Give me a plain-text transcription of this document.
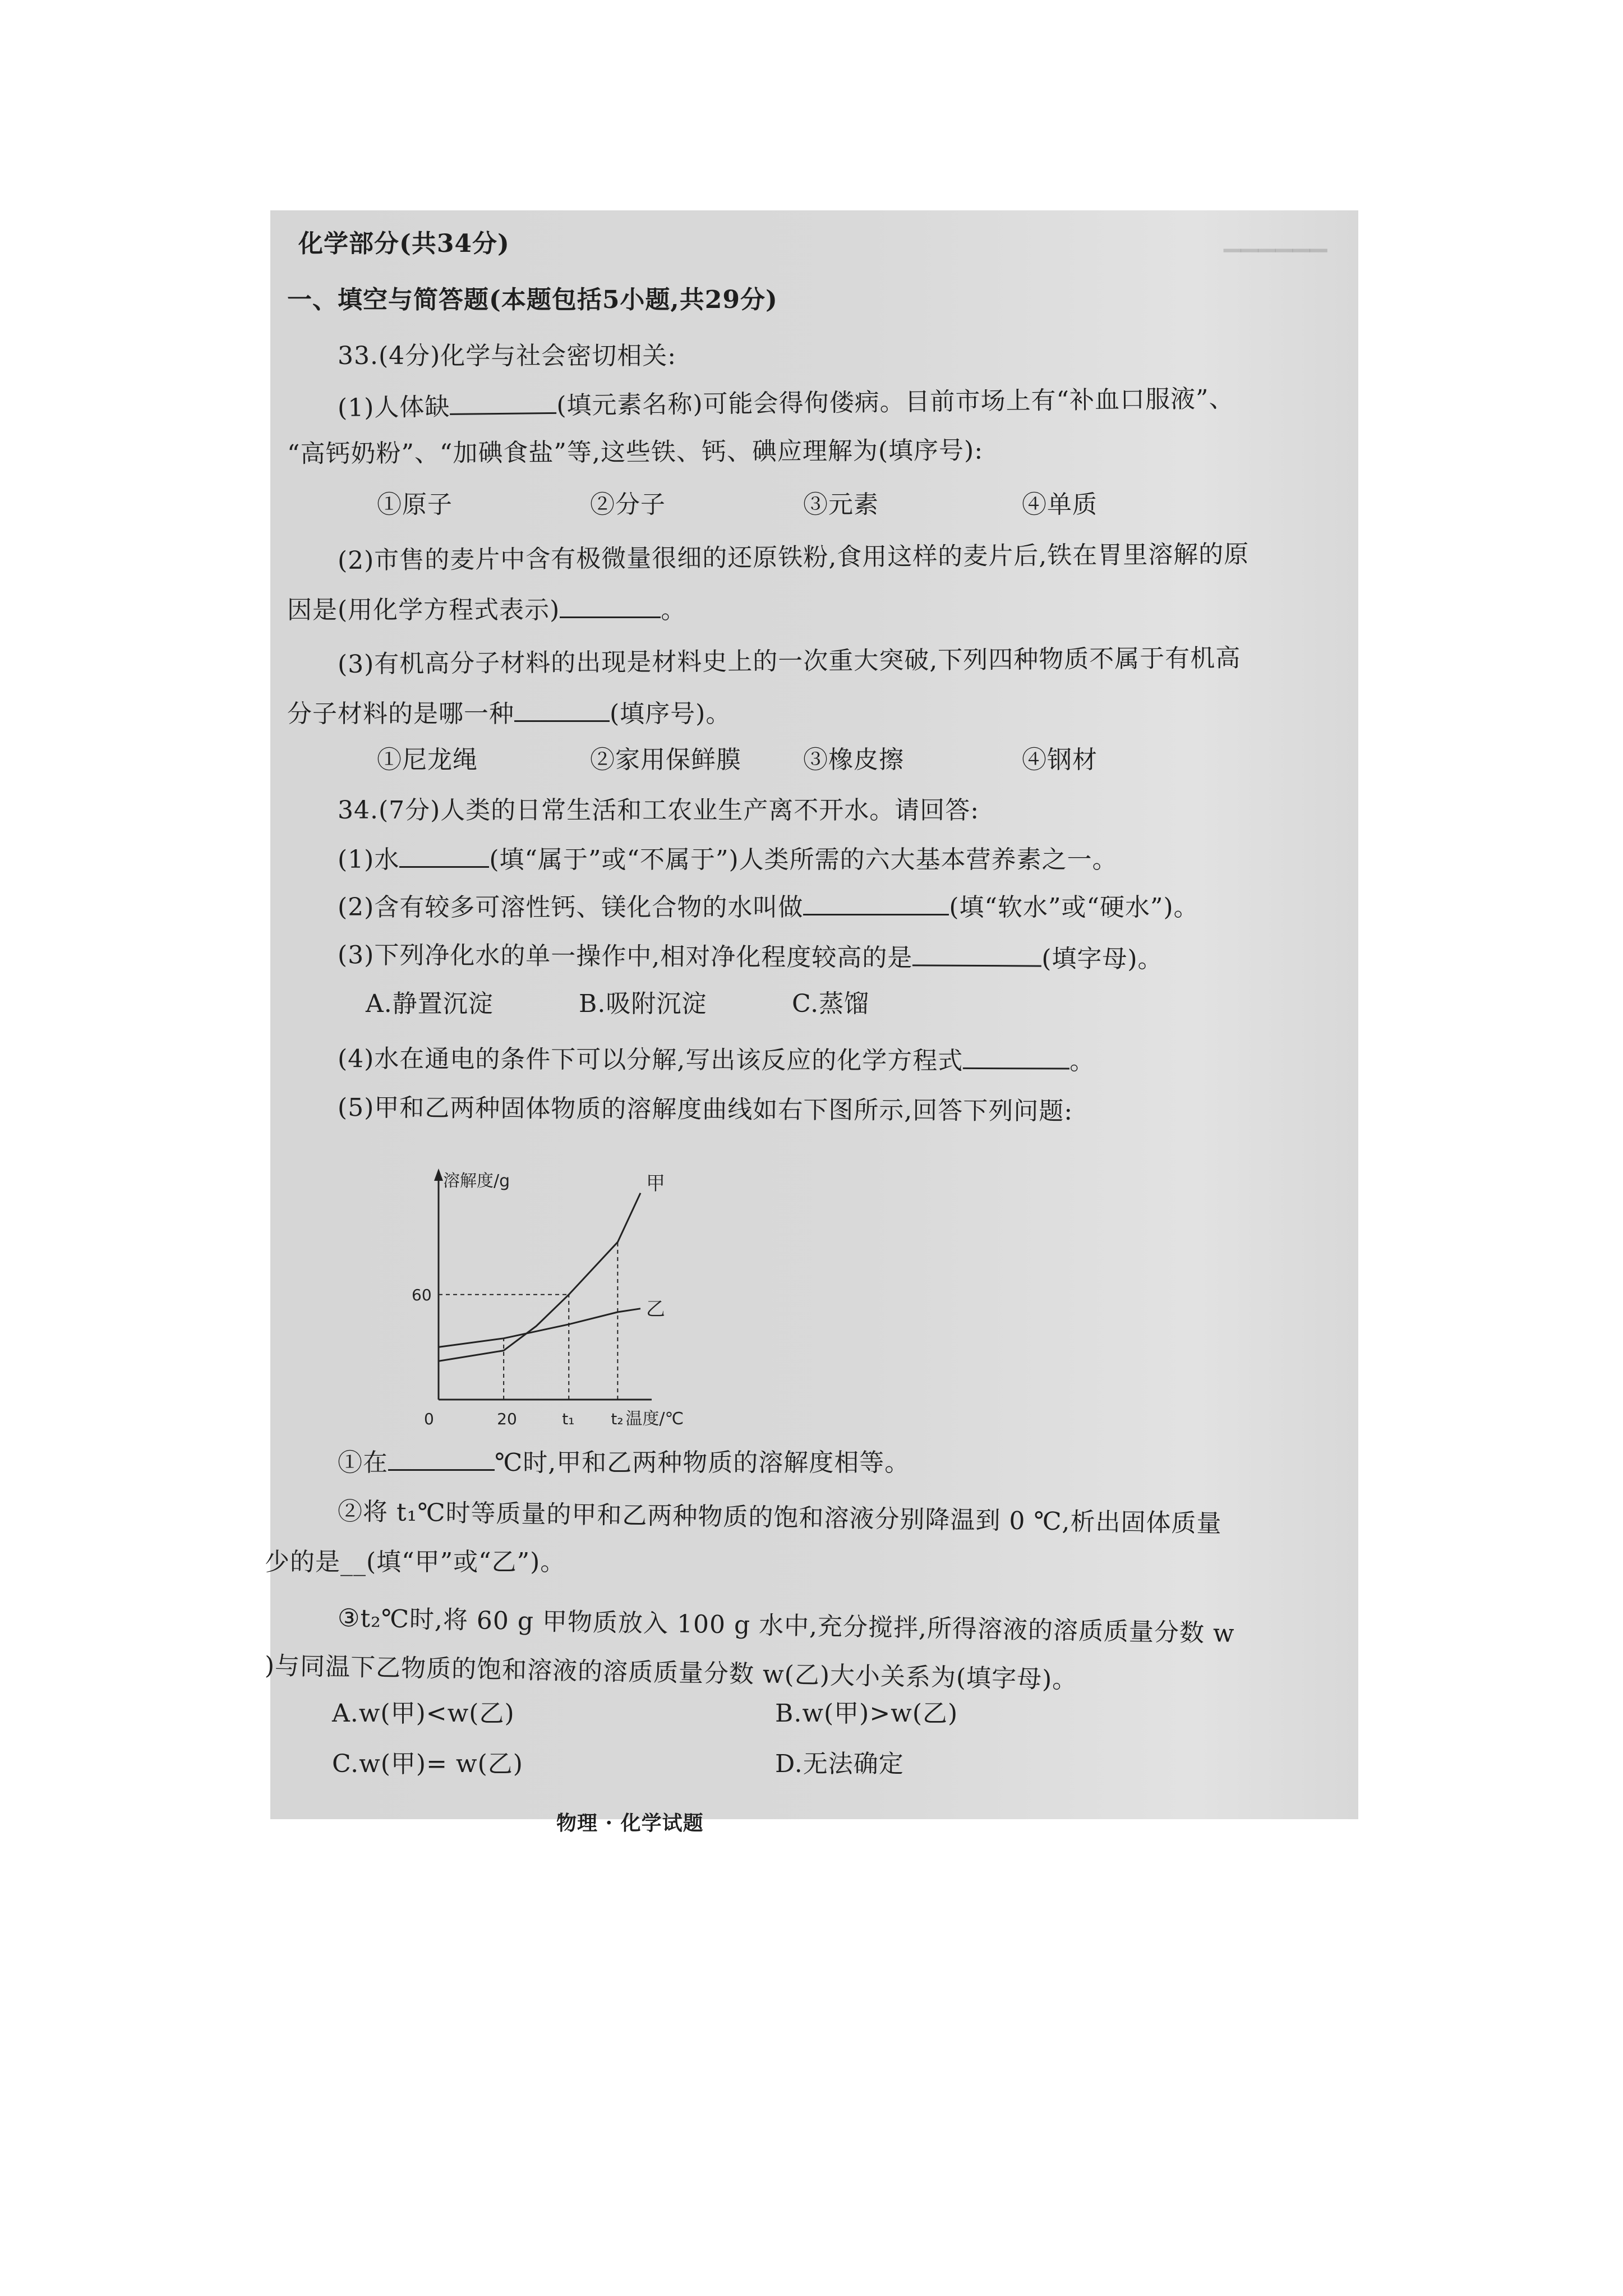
▔▔▔▔▔▔
化学部分(共34分)
一、填空与简答题(本题包括5小题,共29分)
33.(4分)化学与社会密切相关:
(1)人体缺	(填元素名称)可能会得佝偻病。目前市场上有“补血口服液”、
“高钙奶粉”、“加碘食盐”等,这些铁、钙、碘应理解为(填序号):
①原子	②分子	③元素	④单质
(2)市售的麦片中含有极微量很细的还原铁粉,食用这样的麦片后,铁在胃里溶解的原
因是(用化学方程式表示)	。
(3)有机高分子材料的出现是材料史上的一次重大突破,下列四种物质不属于有机高
分子材料的是哪一种	(填序号)。
①尼龙绳	②家用保鲜膜	③橡皮擦	④钢材
34.(7分)人类的日常生活和工农业生产离不开水。请回答:
(1)水	(填“属于”或“不属于”)人类所需的六大基本营养素之一。
(2)含有较多可溶性钙、镁化合物的水叫做	(填“软水”或“硬水”)。
(3)下列净化水的单一操作中,相对净化程度较高的是	(填字母)。
A.静置沉淀	B.吸附沉淀	C.蒸馏
(4)水在通电的条件下可以分解,写出该反应的化学方程式	。
(5)甲和乙两种固体物质的溶解度曲线如右下图所示,回答下列问题:
甲
乙
溶解度/g
温度/℃
60
0	20	t₁ t₂
①在	℃时,甲和乙两种物质的溶解度相等。
②将 t₁℃时等质量的甲和乙两种物质的饱和溶液分别降温到 0 ℃,析出固体质量
少的是__(填“甲”或“乙”)。
③t₂℃时,将 60 g 甲物质放入 100 g 水中,充分搅拌,所得溶液的溶质质量分数 w
)与同温下乙物质的饱和溶液的溶质质量分数 w(乙)大小关系为(填字母)。
A.w(甲)<w(乙)	B.w(甲)>w(乙)
C.w(甲)= w(乙)	D.无法确定
物理 · 化学试题
